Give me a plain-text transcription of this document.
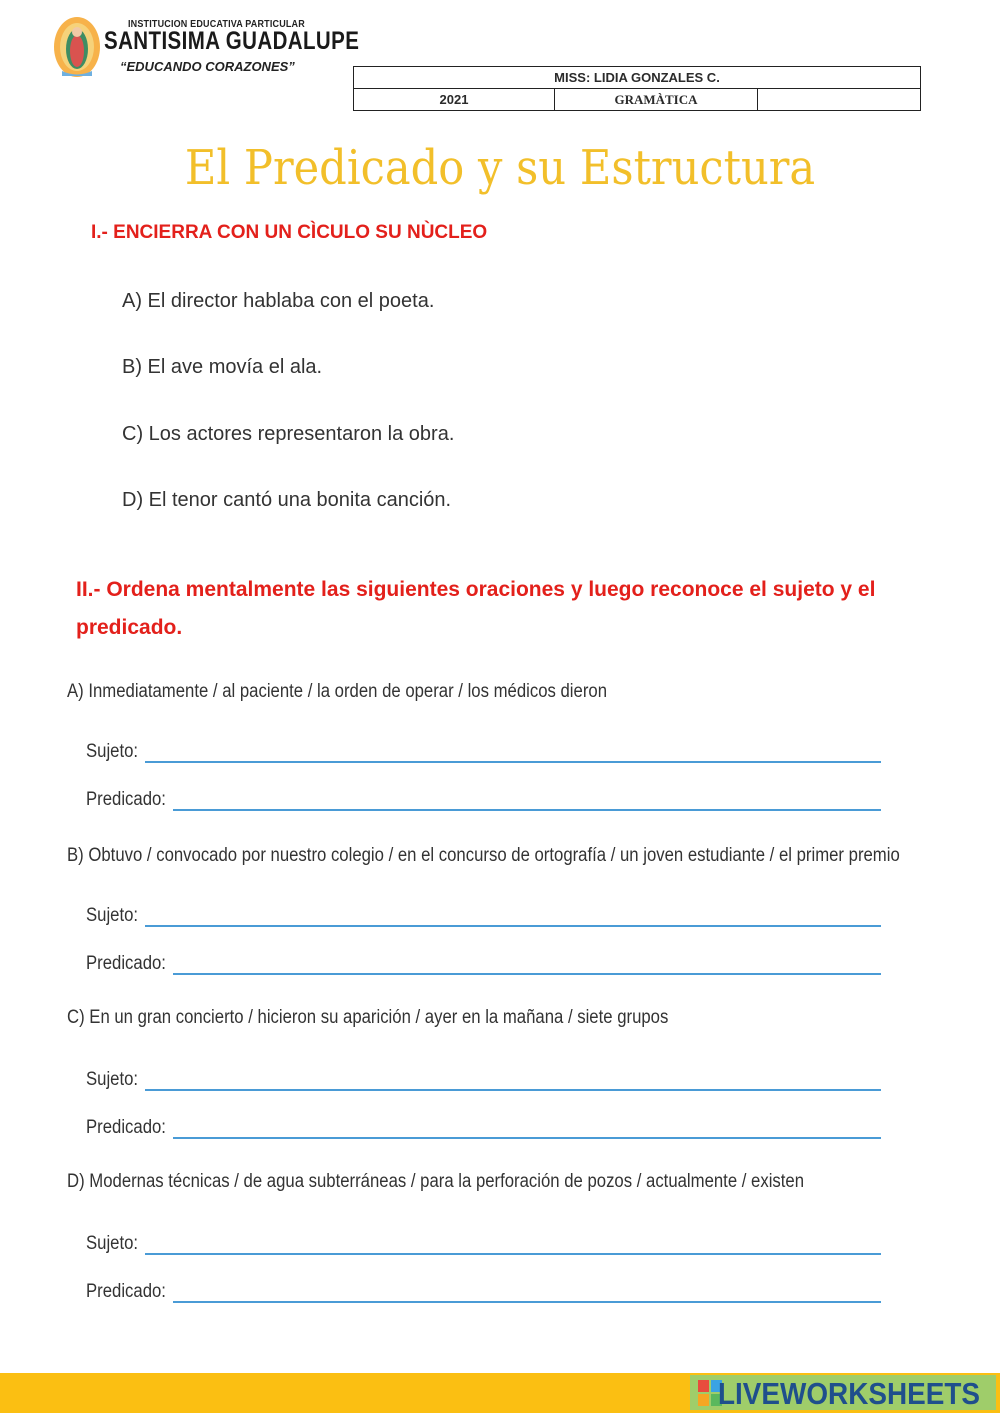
INSTITUCION EDUCATIVA PARTICULAR
SANTISIMA GUADALUPE
“EDUCANDO CORAZONES”
MISS: LIDIA GONZALES C.
2021	GRAMÀTICA	
El Predicado y su Estructura
I.- ENCIERRA CON UN CÌCULO SU NÙCLEO
A) El director hablaba con el poeta.
B) El ave movía el ala.
C) Los actores representaron la obra.
D) El tenor cantó una bonita canción.
II.- Ordena mentalmente las siguientes oraciones y luego reconoce el sujeto y el predicado.
A) Inmediatamente / al paciente / la orden de operar / los médicos dieron
Sujeto:
Predicado:
B) Obtuvo / convocado por nuestro colegio / en el concurso de ortografía / un joven estudiante / el primer premio
Sujeto:
Predicado:
C) En un gran concierto / hicieron su aparición / ayer en la mañana / siete grupos
Sujeto:
Predicado:
D) Modernas técnicas / de agua subterráneas / para la perforación de pozos / actualmente / existen
Sujeto:
Predicado:
LIVEWORKSHEETS
